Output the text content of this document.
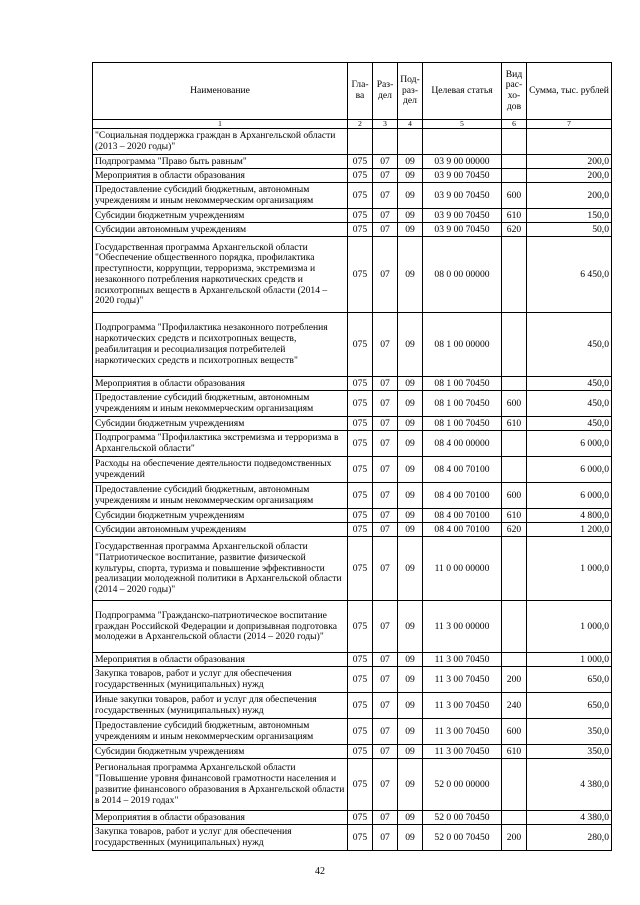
Наименование	Гла-ва	Раз-дел	Под-раз-дел	Целевая статья	Вид рас-хо-дов	Сумма, тыс. рублей
1	2	3	4	5	6	7
"Социальная поддержка граждан в Архангельской области (2013 – 2020 годы)"						
Подпрограмма "Право быть равным"	075	07	09	03 9 00 00000		200,0
Мероприятия в области образования	075	07	09	03 9 00 70450		200,0
Предоставление субсидий бюджетным, автономным учреждениям и иным некоммерческим организациям	075	07	09	03 9 00 70450	600	200,0
Субсидии бюджетным учреждениям	075	07	09	03 9 00 70450	610	150,0
Субсидии автономным учреждениям	075	07	09	03 9 00 70450	620	50,0
Государственная программа Архангельской области "Обеспечение общественного порядка, профилактика преступности, коррупции, терроризма, экстремизма и незаконного потребления наркотических средств и психотропных веществ в Архангельской области (2014 – 2020 годы)"	075	07	09	08 0 00 00000		6 450,0
Подпрограмма "Профилактика незаконного потребления наркотических средств и психотропных веществ, реабилитация и ресоциализация потребителей наркотических средств и психотропных веществ"	075	07	09	08 1 00 00000		450,0
Мероприятия в области образования	075	07	09	08 1 00 70450		450,0
Предоставление субсидий бюджетным, автономным учреждениям и иным некоммерческим организациям	075	07	09	08 1 00 70450	600	450,0
Субсидии бюджетным учреждениям	075	07	09	08 1 00 70450	610	450,0
Подпрограмма "Профилактика экстремизма и терроризма в Архангельской области"	075	07	09	08 4 00 00000		6 000,0
Расходы на обеспечение деятельности подведомственных учреждений	075	07	09	08 4 00 70100		6 000,0
Предоставление субсидий бюджетным, автономным учреждениям и иным некоммерческим организациям	075	07	09	08 4 00 70100	600	6 000,0
Субсидии бюджетным учреждениям	075	07	09	08 4 00 70100	610	4 800,0
Субсидии автономным учреждениям	075	07	09	08 4 00 70100	620	1 200,0
Государственная программа Архангельской области "Патриотическое воспитание, развитие физической культуры, спорта, туризма и повышение эффективности реализации молодежной политики в Архангельской области (2014 – 2020 годы)"	075	07	09	11 0 00 00000		1 000,0
Подпрограмма "Гражданско-патриотическое воспитание граждан Российской Федерации и допризывная подготовка молодежи в Архангельской области (2014 – 2020 годы)"	075	07	09	11 3 00 00000		1 000,0
Мероприятия в области образования	075	07	09	11 3 00 70450		1 000,0
Закупка товаров, работ и услуг для обеспечения государственных (муниципальных) нужд	075	07	09	11 3 00 70450	200	650,0
Иные закупки товаров, работ и услуг для обеспечения государственных (муниципальных) нужд	075	07	09	11 3 00 70450	240	650,0
Предоставление субсидий бюджетным, автономным учреждениям и иным некоммерческим организациям	075	07	09	11 3 00 70450	600	350,0
Субсидии бюджетным учреждениям	075	07	09	11 3 00 70450	610	350,0
Региональная программа Архангельской области "Повышение уровня финансовой грамотности населения и развитие финансового образования в Архангельской области в 2014 – 2019 годах"	075	07	09	52 0 00 00000		4 380,0
Мероприятия в области образования	075	07	09	52 0 00 70450		4 380,0
Закупка товаров, работ и услуг для обеспечения государственных (муниципальных) нужд	075	07	09	52 0 00 70450	200	280,0
42
